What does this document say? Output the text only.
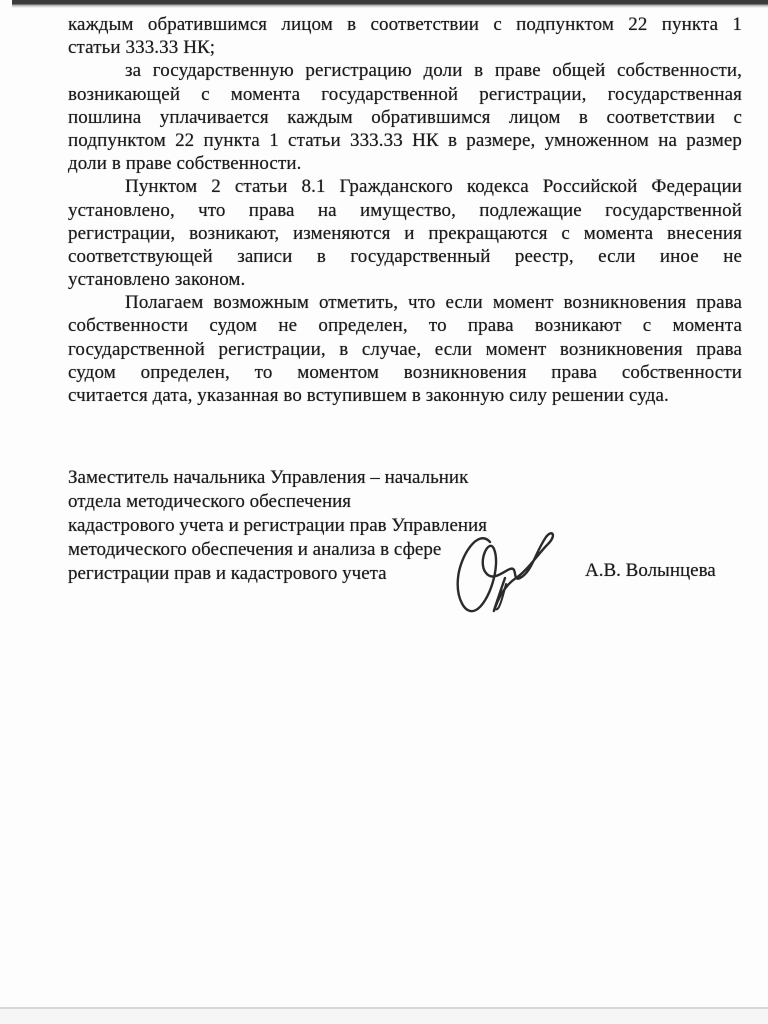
каждым обратившимся лицом в соответствии с подпунктом 22 пункта 1
статьи 333.33 НК;
за государственную регистрацию доли в праве общей собственности,
возникающей с момента государственной регистрации, государственная
пошлина уплачивается каждым обратившимся лицом в соответствии с
подпунктом 22 пункта 1 статьи 333.33 НК в размере, умноженном на размер
доли в праве собственности.
Пунктом 2 статьи 8.1 Гражданского кодекса Российской Федерации
установлено, что права на имущество, подлежащие государственной
регистрации, возникают, изменяются и прекращаются с момента внесения
соответствующей записи в государственный реестр, если иное не
установлено законом.
Полагаем возможным отметить, что если момент возникновения права
собственности судом не определен, то права возникают с момента
государственной регистрации, в случае, если момент возникновения права
судом определен, то моментом возникновения права собственности
считается дата, указанная во вступившем в законную силу решении суда.
Заместитель начальника Управления – начальник
отдела методического обеспечения
кадастрового учета и регистрации прав Управления
методического обеспечения и анализа в сфере
регистрации прав и кадастрового учета	А.В. Волынцева
